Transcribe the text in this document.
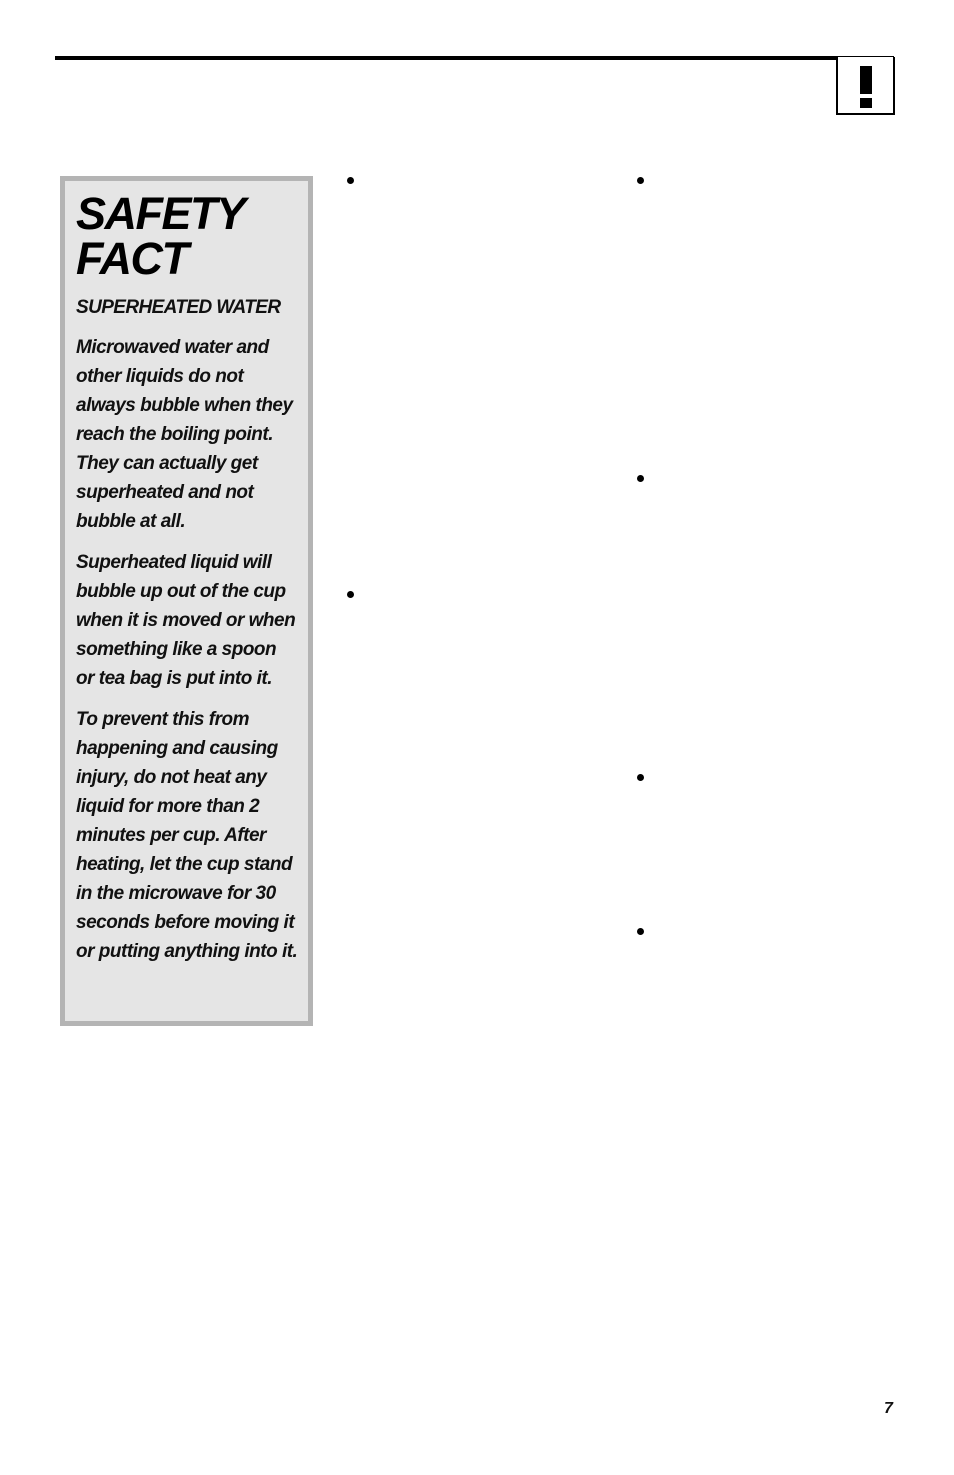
SAFETY
FACT

SUPERHEATED WATER

Microwaved water and other liquids do not always bubble when they reach the boiling point. They can actually get superheated and not bubble at all.

Superheated liquid will bubble up out of the cup when it is moved or when something like a spoon or tea bag is put into it.

To prevent this from happening and causing injury, do not heat any liquid for more than 2 minutes per cup. After heating, let the cup stand in the microwave for 30 seconds before moving it or putting anything into it.

7
